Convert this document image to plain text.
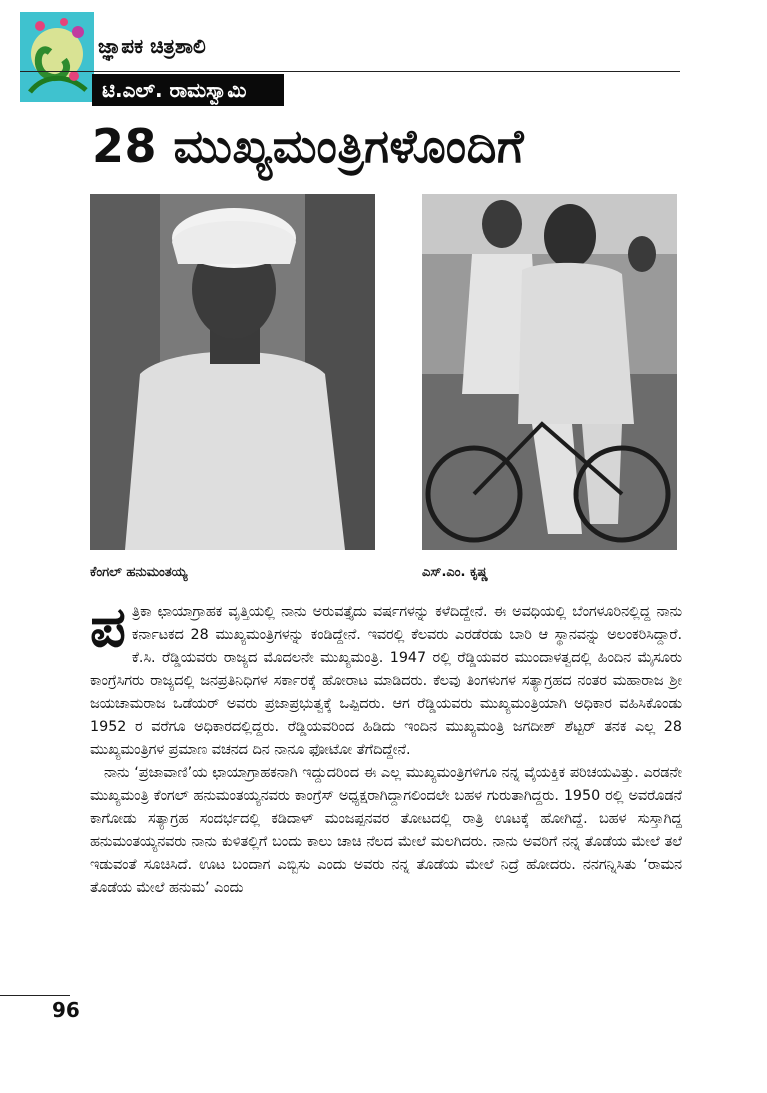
ಜ್ಞಾಪಕ ಚಿತ್ರಶಾಲಿ
ಟಿ.ಎಲ್. ರಾಮಸ್ವಾಮಿ
28 ಮುಖ್ಯಮಂತ್ರಿಗಳೊಂದಿಗೆ
ಕೆಂಗಲ್ ಹನುಮಂತಯ್ಯ	ಎಸ್.ಎಂ. ಕೃಷ್ಣ

ಪತ್ರಿಕಾ ಛಾಯಾಗ್ರಾಹಕ ವೃತ್ತಿಯಲ್ಲಿ ನಾನು ಅರುವತ್ತೈದು ವರ್ಷಗಳನ್ನು ಕಳೆದಿದ್ದೇನೆ. ಈ ಅವಧಿಯಲ್ಲಿ ಬೆಂಗಳೂರಿನಲ್ಲಿದ್ದ ನಾನು ಕರ್ನಾಟಕದ 28 ಮುಖ್ಯಮಂತ್ರಿಗಳನ್ನು ಕಂಡಿದ್ದೇನೆ. ಇವರಲ್ಲಿ ಕೆಲವರು ಎರಡೆರಡು ಬಾರಿ ಆ ಸ್ಥಾನವನ್ನು ಅಲಂಕರಿಸಿದ್ದಾರೆ. ಕೆ.ಸಿ. ರೆಡ್ಡಿಯವರು ರಾಜ್ಯದ ಮೊದಲನೇ ಮುಖ್ಯಮಂತ್ರಿ. 1947 ರಲ್ಲಿ ರೆಡ್ಡಿಯವರ ಮುಂದಾಳತ್ವದಲ್ಲಿ ಹಿಂದಿನ ಮೈಸೂರು ಕಾಂಗ್ರೆಸಿಗರು ರಾಜ್ಯದಲ್ಲಿ ಜನಪ್ರತಿನಿಧಿಗಳ ಸರ್ಕಾರಕ್ಕೆ ಹೋರಾಟ ಮಾಡಿದರು. ಕೆಲವು ತಿಂಗಳುಗಳ ಸತ್ಯಾಗ್ರಹದ ನಂತರ ಮಹಾರಾಜ ಶ್ರೀ ಜಯಚಾಮರಾಜ ಒಡೆಯರ್ ಅವರು ಪ್ರಜಾಪ್ರಭುತ್ವಕ್ಕೆ ಒಪ್ಪಿದರು. ಆಗ ರೆಡ್ಡಿಯವರು ಮುಖ್ಯಮಂತ್ರಿಯಾಗಿ ಅಧಿಕಾರ ವಹಿಸಿಕೊಂಡು 1952 ರ ವರೆಗೂ ಅಧಿಕಾರದಲ್ಲಿದ್ದರು. ರೆಡ್ಡಿಯವರಿಂದ ಹಿಡಿದು ಇಂದಿನ ಮುಖ್ಯಮಂತ್ರಿ ಜಗದೀಶ್ ಶೆಟ್ಟರ್ ತನಕ ಎಲ್ಲ 28 ಮುಖ್ಯಮಂತ್ರಿಗಳ ಪ್ರಮಾಣ ವಚನದ ದಿನ ನಾನೂ ಫೋಟೋ ತೆಗೆದಿದ್ದೇನೆ.

ನಾನು ‘ಪ್ರಜಾವಾಣಿ’ಯ ಛಾಯಾಗ್ರಾಹಕನಾಗಿ ಇದ್ದುದರಿಂದ ಈ ಎಲ್ಲ ಮುಖ್ಯಮಂತ್ರಿಗಳಿಗೂ ನನ್ನ ವೈಯಕ್ತಿಕ ಪರಿಚಯವಿತ್ತು. ಎರಡನೇ ಮುಖ್ಯಮಂತ್ರಿ ಕೆಂಗಲ್ ಹನುಮಂತಯ್ಯನವರು ಕಾಂಗ್ರೆಸ್ ಅಧ್ಯಕ್ಷರಾಗಿದ್ದಾಗಲಿಂದಲೇ ಬಹಳ ಗುರುತಾಗಿದ್ದರು. 1950 ರಲ್ಲಿ ಅವರೊಡನೆ ಕಾಗೋಡು ಸತ್ಯಾಗ್ರಹ ಸಂದರ್ಭದಲ್ಲಿ ಕಡಿದಾಳ್ ಮಂಜಪ್ಪನವರ ತೋಟದಲ್ಲಿ ರಾತ್ರಿ ಊಟಕ್ಕೆ ಹೋಗಿದ್ದೆ. ಬಹಳ ಸುಸ್ತಾಗಿದ್ದ ಹನುಮಂತಯ್ಯನವರು ನಾನು ಕುಳಿತಲ್ಲಿಗೆ ಬಂದು ಕಾಲು ಚಾಚಿ ನೆಲದ ಮೇಲೆ ಮಲಗಿದರು. ನಾನು ಅವರಿಗೆ ನನ್ನ ತೊಡೆಯ ಮೇಲೆ ತಲೆ ಇಡುವಂತೆ ಸೂಚಿಸಿದೆ. ಊಟ ಬಂದಾಗ ಎಬ್ಬಿಸು ಎಂದು ಅವರು ನನ್ನ ತೊಡೆಯ ಮೇಲೆ ನಿದ್ರೆ ಹೋದರು. ನನಗನ್ನಿಸಿತು ‘ರಾಮನ ತೊಡೆಯ ಮೇಲೆ ಹನುಮ’ ಎಂದು

96
